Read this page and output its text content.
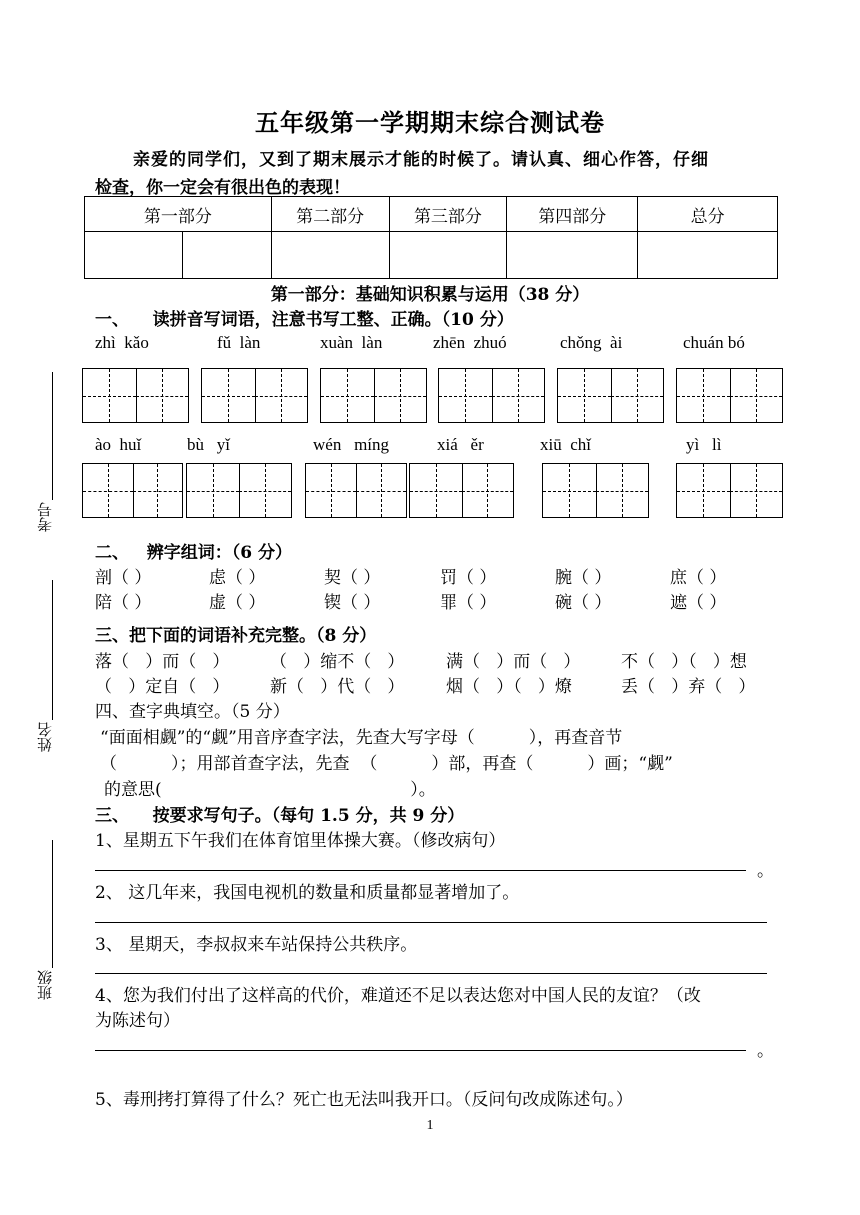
五年级第一学期期末综合测试卷
亲爱的同学们，又到了期末展示才能的时候了。请认真、细心作答，仔细
检查，你一定会有很出色的表现！
第一部分		第二部分	第三部分	第四部分	总分

第一部分：基础知识积累与运用（38 分）
一、    读拼音写词语，注意书写工整、正确。（10 分）
zhì  kǎo	fǔ  làn	xuàn  làn	zhēn  zhuó	chǒng  ài	chuán bó
ào  huǐ	bù   yǐ	wén   míng	xiá   ěr	xiū  chǐ	yì   lì
二、   辨字组词：（6 分）
剖（ ）	虑（ ）	契（ ）	罚（ ）	腕（ ）	庶（ ）
陪（ ）	虚（ ）	锲（ ）	罪（ ）	碗（ ）	遮（ ）
三、把下面的词语补充完整。（8 分）
落（   ）而（   ） （   ）缩不（   ） 满（   ）而（   ） 不（   ）（   ）想
（   ）定自（   ） 新（   ）代（   ） 烟（   ）（   ）燎	丢（   ）弃（   ）
四、查字典填空。（5 分）
“面面相觑”的“觑”用音序查字法，先查大写字母（          ），再查音节
（          ）；用部首查字法，先查  （          ）部，再查（          ）画；“觑”
的意思(                                              ）。
三、    按要求写句子。（每句 1.5 分，共 9 分）
1、星期五下午我们在体育馆里体操大赛。（修改病句）
。
2、 这几年来，我国电视机的数量和质量都显著增加了。
3、 星期天，李叔叔来车站保持公共秩序。
4、您为我们付出了这样高的代价，难道还不足以表达您对中国人民的友谊？（改
为陈述句）
。
5、毒刑拷打算得了什么？死亡也无法叫我开口。（反问句改成陈述句。）
考号
姓名
班级
1
